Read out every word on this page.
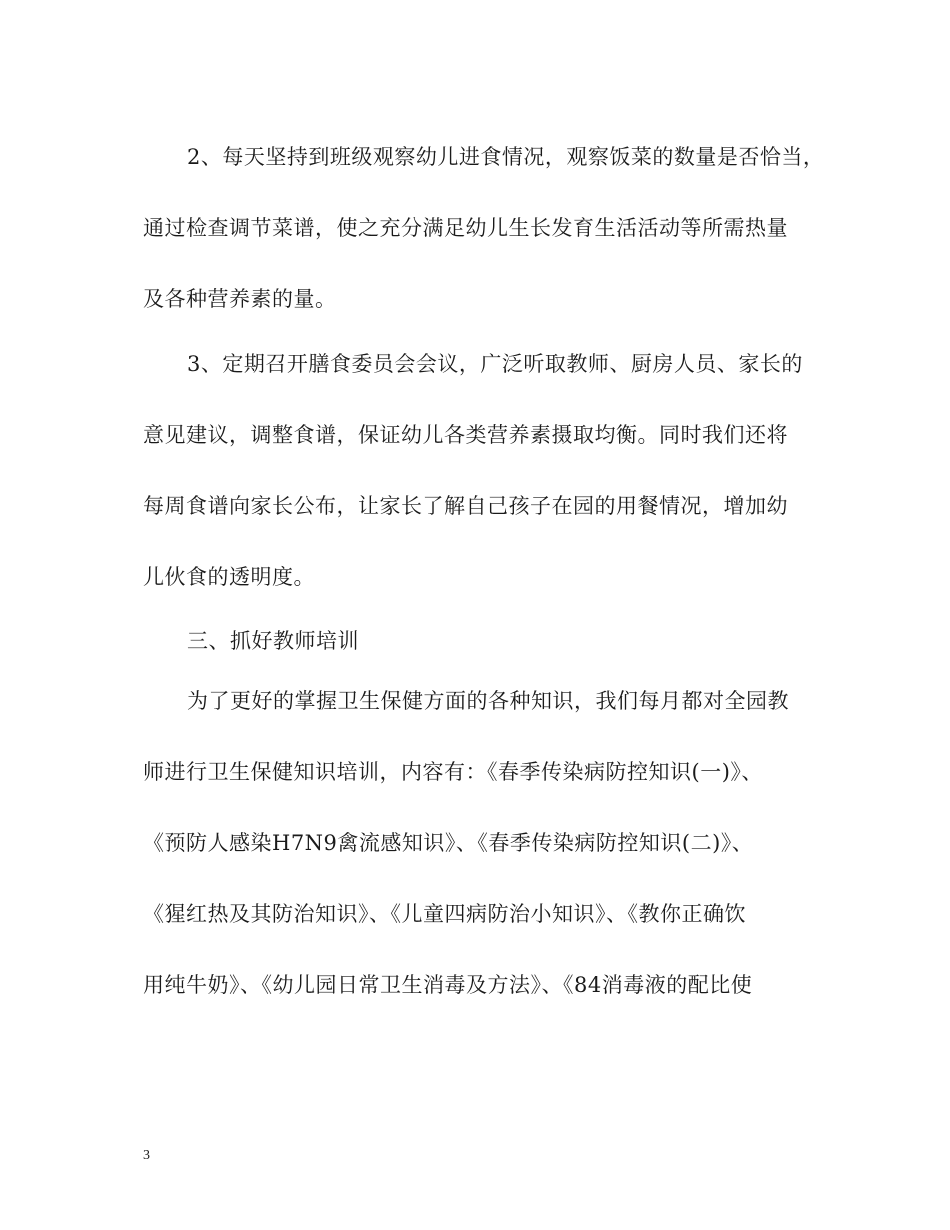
2、每天坚持到班级观察幼儿进食情况，观察饭菜的数量是否恰当，
通过检查调节菜谱，使之充分满足幼儿生长发育生活活动等所需热量
及各种营养素的量。
3、定期召开膳食委员会会议，广泛听取教师、厨房人员、家长的
意见建议，调整食谱，保证幼儿各类营养素摄取均衡。同时我们还将
每周食谱向家长公布，让家长了解自己孩子在园的用餐情况，增加幼
儿伙食的透明度。
三、抓好教师培训
为了更好的掌握卫生保健方面的各种知识，我们每月都对全园教
师进行卫生保健知识培训，内容有：《春季传染病防控知识(一)》、
《预防人感染H7N9禽流感知识》、《春季传染病防控知识(二)》、
《猩红热及其防治知识》、《儿童四病防治小知识》、《教你正确饮
用纯牛奶》、《幼儿园日常卫生消毒及方法》、《84消毒液的配比使
3
